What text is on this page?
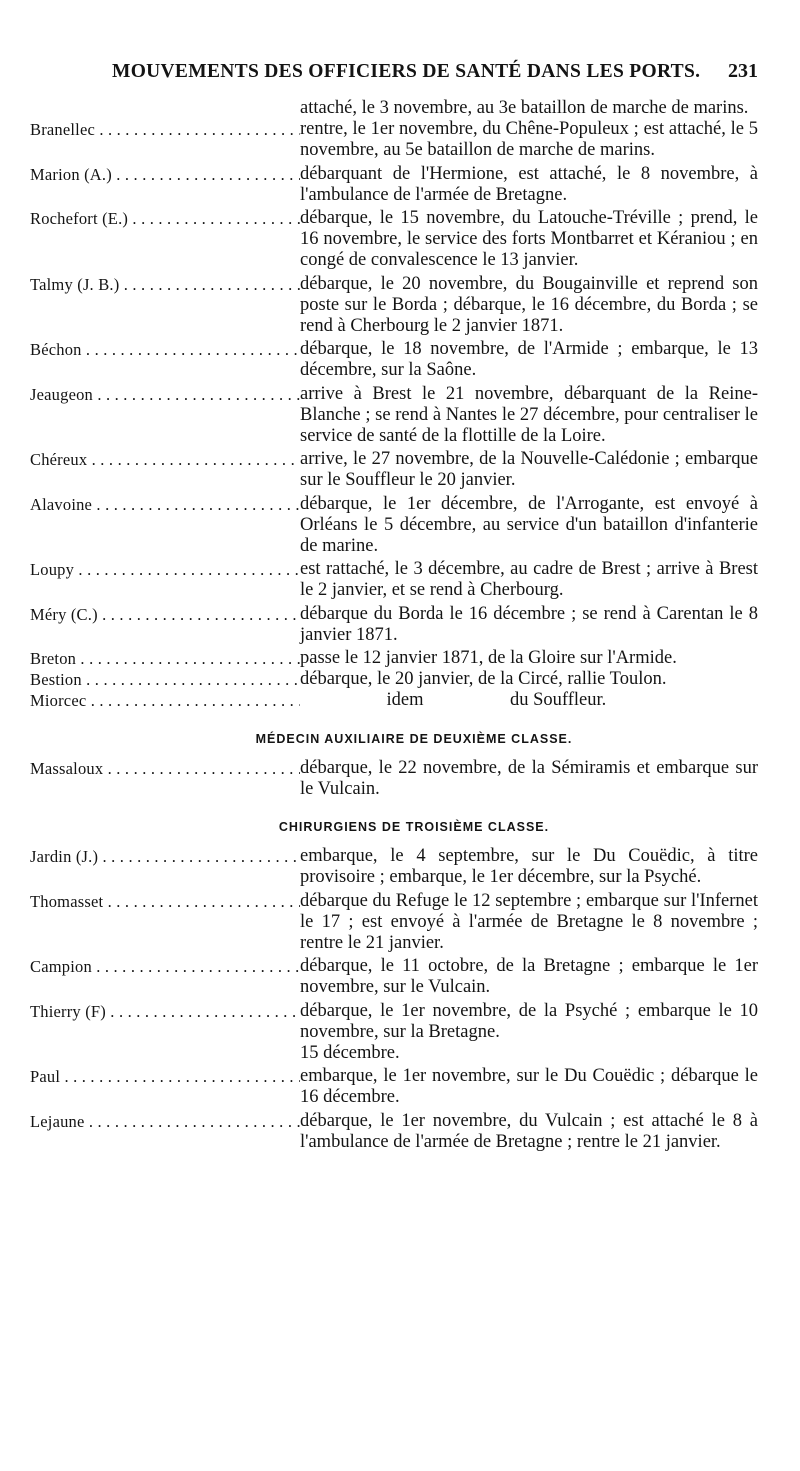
MOUVEMENTS DES OFFICIERS DE SANTÉ DANS LES PORTS. 231
attaché, le 3 novembre, au 3e bataillon de marche de marins.
Branellec . . .	rentre, le 1er novembre, du Chêne-Populeux ; est attaché, le 5 novembre, au 5e bataillon de marche de marins.
Marion (A.) . . .	débarquant de l'Hermione, est attaché, le 8 novembre, à l'ambulance de l'armée de Bretagne.
Rochefort (E.) . . .	débarque, le 15 novembre, du Latouche-Tréville ; prend, le 16 novembre, le service des forts Montbarret et Kéraniou ; en congé de convalescence le 13 janvier.
Talmy (J. B.) . . .	débarque, le 20 novembre, du Bougainville et reprend son poste sur le Borda ; débarque, le 16 décembre, du Borda ; se rend à Cherbourg le 2 janvier 1871.
Béchon . . .	débarque, le 18 novembre, de l'Armide ; embarque, le 13 décembre, sur la Saône.
Jeaugeon . . .	arrive à Brest le 21 novembre, débarquant de la Reine-Blanche ; se rend à Nantes le 27 décembre, pour centraliser le service de santé de la flottille de la Loire.
Chéreux . . .	arrive, le 27 novembre, de la Nouvelle-Calédonie ; embarque sur le Souffleur le 20 janvier.
Alavoine . . .	débarque, le 1er décembre, de l'Arrogante, est envoyé à Orléans le 5 décembre, au service d'un bataillon d'infanterie de marine.
Loupy . . .	est rattaché, le 3 décembre, au cadre de Brest ; arrive à Brest le 2 janvier, et se rend à Cherbourg.
Méry (C.) . . .	débarque du Borda le 16 décembre ; se rend à Carentan le 8 janvier 1871.
Breton . . .	passe le 12 janvier 1871, de la Gloire sur l'Armide.
Bestion . . .	débarque, le 20 janvier, de la Circé, rallie Toulon.
Miorcec . . .	idem	du Souffleur.
MÉDECIN AUXILIAIRE DE DEUXIÈME CLASSE.
Massaloux . . .	débarque, le 22 novembre, de la Sémiramis et embarque sur le Vulcain.
CHIRURGIENS DE TROISIÈME CLASSE.
Jardin (J.) . . .	embarque, le 4 septembre, sur le Du Couëdic, à titre provisoire ; embarque, le 1er décembre, sur la Psyché.
Thomasset . . .	débarque du Refuge le 12 septembre ; embarque sur l'Infernet le 17 ; est envoyé à l'armée de Bretagne le 8 novembre ; rentre le 21 janvier.
Campion . . .	débarque, le 11 octobre, de la Bretagne ; embarque le 1er novembre, sur le Vulcain.
Thierry (F) . . .	débarque, le 1er novembre, de la Psyché ; embarque le 10 novembre, sur la Bretagne.
15 décembre.
Paul . . .	embarque, le 1er novembre, sur le Du Couëdic ; débarque le 16 décembre.
Lejaune . . .	débarque, le 1er novembre, du Vulcain ; est attaché le 8 à l'ambulance de l'armée de Bretagne ; rentre le 21 janvier.
